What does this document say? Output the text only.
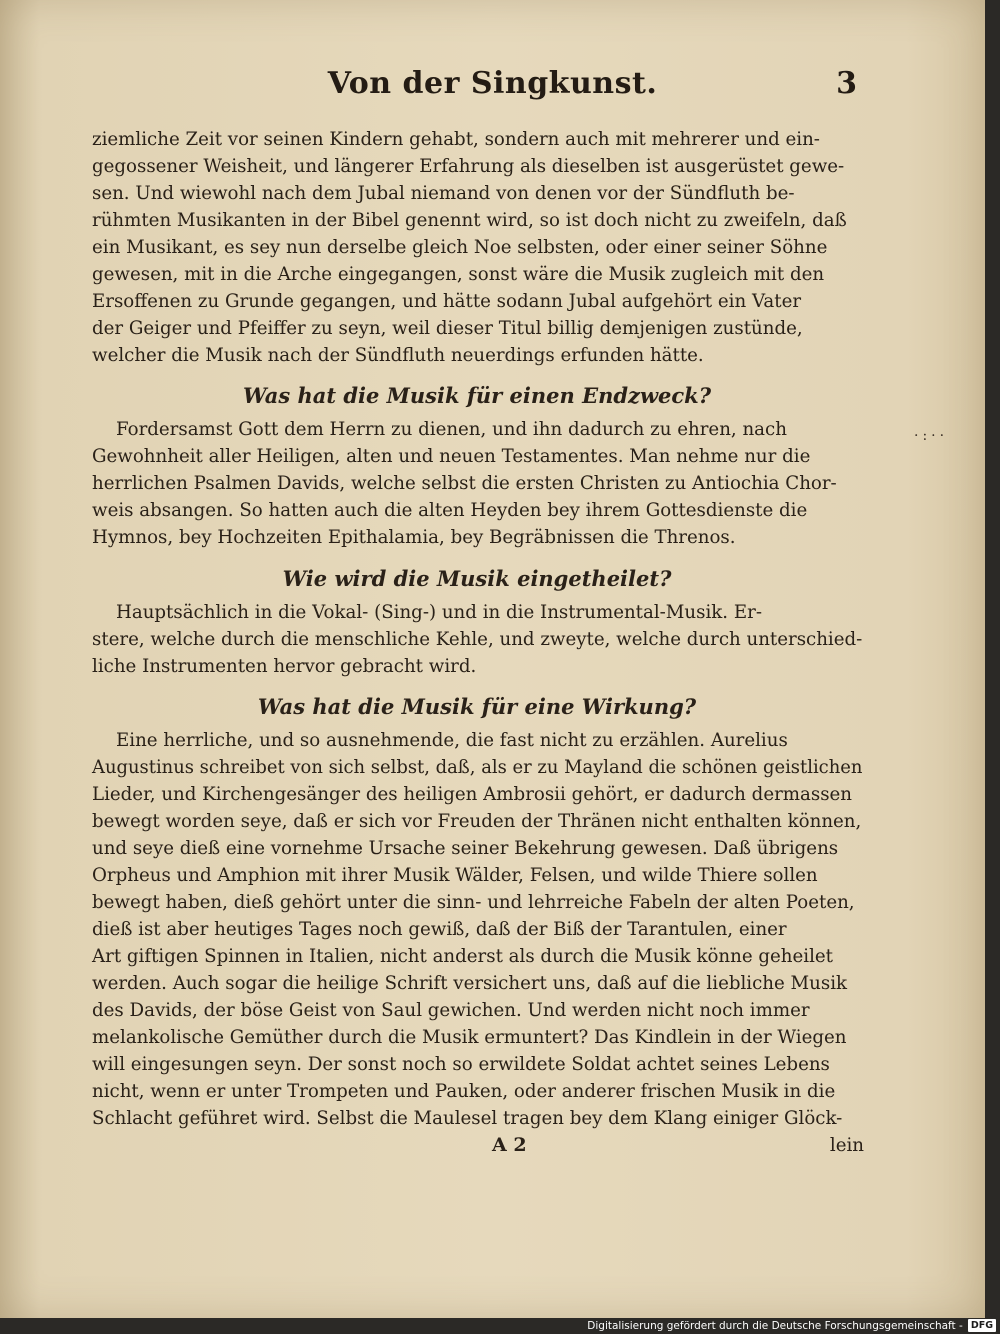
Von der Singkunst.	3
·:··
ziemliche Zeit vor seinen Kindern gehabt, sondern auch mit mehrerer und ein-
gegossener Weisheit, und längerer Erfahrung als dieselben ist ausgerüstet gewe-
sen. Und wiewohl nach dem Jubal niemand von denen vor der Sündfluth be-
rühmten Musikanten in der Bibel genennt wird, so ist doch nicht zu zweifeln, daß
ein Musikant, es sey nun derselbe gleich Noe selbsten, oder einer seiner Söhne
gewesen, mit in die Arche eingegangen, sonst wäre die Musik zugleich mit den
Ersoffenen zu Grunde gegangen, und hätte sodann Jubal aufgehört ein Vater
der Geiger und Pfeiffer zu seyn, weil dieser Titul billig demjenigen zustünde,
welcher die Musik nach der Sündfluth neuerdings erfunden hätte.

Was hat die Musik für einen Endzweck?

Fordersamst Gott dem Herrn zu dienen, und ihn dadurch zu ehren, nach
Gewohnheit aller Heiligen, alten und neuen Testamentes. Man nehme nur die
herrlichen Psalmen Davids, welche selbst die ersten Christen zu Antiochia Chor-
weis absangen. So hatten auch die alten Heyden bey ihrem Gottesdienste die
Hymnos, bey Hochzeiten Epithalamia, bey Begräbnissen die Threnos.

Wie wird die Musik eingetheilet?

Hauptsächlich in die Vokal- (Sing-) und in die Instrumental-Musik. Er-
stere, welche durch die menschliche Kehle, und zweyte, welche durch unterschied-
liche Instrumenten hervor gebracht wird.

Was hat die Musik für eine Wirkung?

Eine herrliche, und so ausnehmende, die fast nicht zu erzählen. Aurelius
Augustinus schreibet von sich selbst, daß, als er zu Mayland die schönen geistlichen
Lieder, und Kirchengesänger des heiligen Ambrosii gehört, er dadurch dermassen
bewegt worden seye, daß er sich vor Freuden der Thränen nicht enthalten können,
und seye dieß eine vornehme Ursache seiner Bekehrung gewesen. Daß übrigens
Orpheus und Amphion mit ihrer Musik Wälder, Felsen, und wilde Thiere sollen
bewegt haben, dieß gehört unter die sinn- und lehrreiche Fabeln der alten Poeten,
dieß ist aber heutiges Tages noch gewiß, daß der Biß der Tarantulen, einer
Art giftigen Spinnen in Italien, nicht anderst als durch die Musik könne geheilet
werden. Auch sogar die heilige Schrift versichert uns, daß auf die liebliche Musik
des Davids, der böse Geist von Saul gewichen. Und werden nicht noch immer
melankolische Gemüther durch die Musik ermuntert? Das Kindlein in der Wiegen
will eingesungen seyn. Der sonst noch so erwildete Soldat achtet seines Lebens
nicht, wenn er unter Trompeten und Pauken, oder anderer frischen Musik in die
Schlacht geführet wird. Selbst die Maulesel tragen bey dem Klang einiger Glöck-
A 2	lein
Digitalisierung gefördert durch die Deutsche Forschungsgemeinschaft - DFG
